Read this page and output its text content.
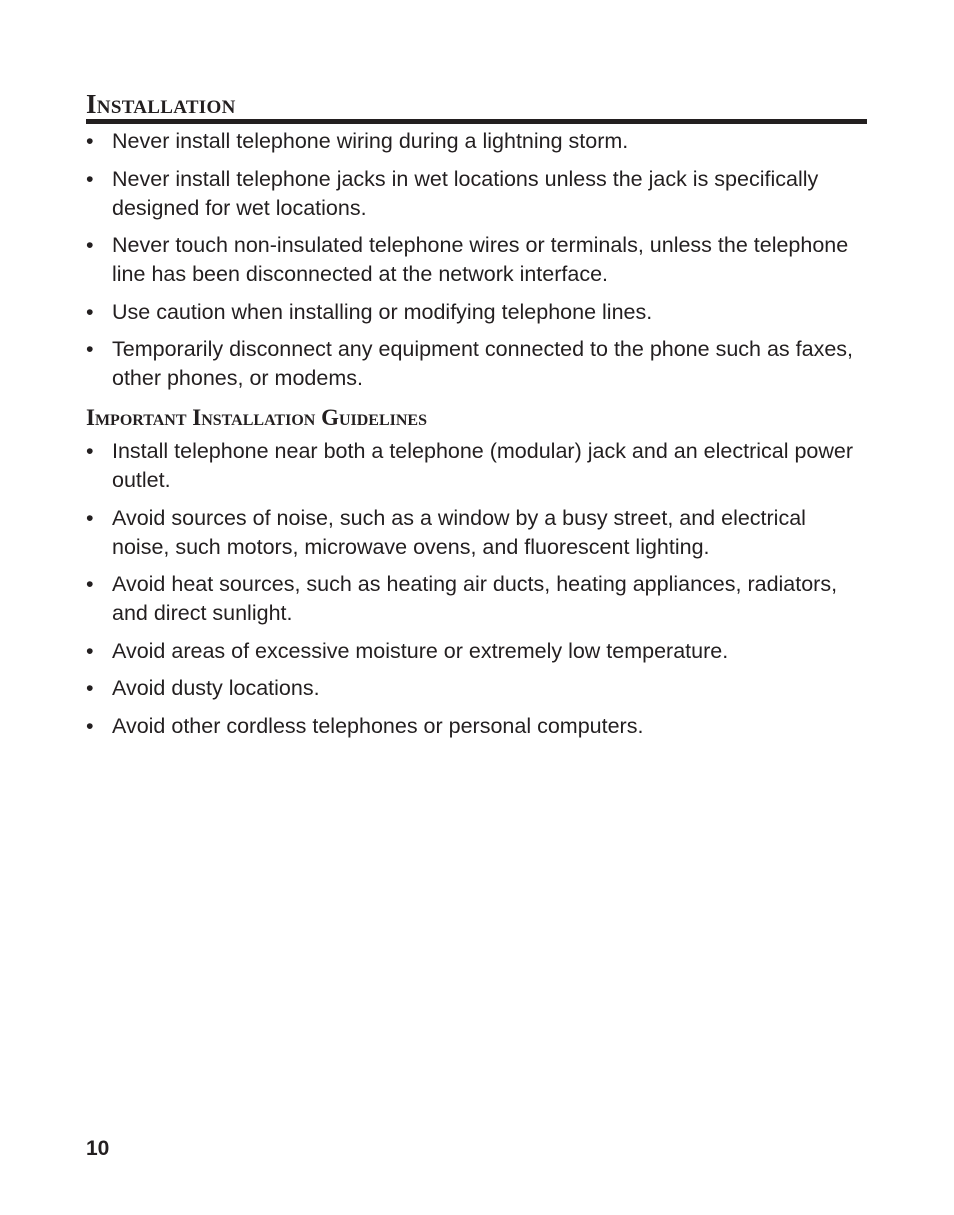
Installation
• Never install telephone wiring during a lightning storm.
• Never install telephone jacks in wet locations unless the jack is specifically designed for wet locations.
• Never touch non-insulated telephone wires or terminals, unless the telephone line has been disconnected at the network interface.
• Use caution when installing or modifying telephone lines.
• Temporarily disconnect any equipment connected to the phone such as faxes, other phones, or modems.
Important Installation Guidelines
• Install telephone near both a telephone (modular) jack and an electrical power outlet.
• Avoid sources of noise, such as a window by a busy street, and electrical noise, such motors, microwave ovens, and fluorescent lighting.
• Avoid heat sources, such as heating air ducts, heating appliances, radiators, and direct sunlight.
• Avoid areas of excessive moisture or extremely low temperature.
• Avoid dusty locations.
• Avoid other cordless telephones or personal computers.
10
